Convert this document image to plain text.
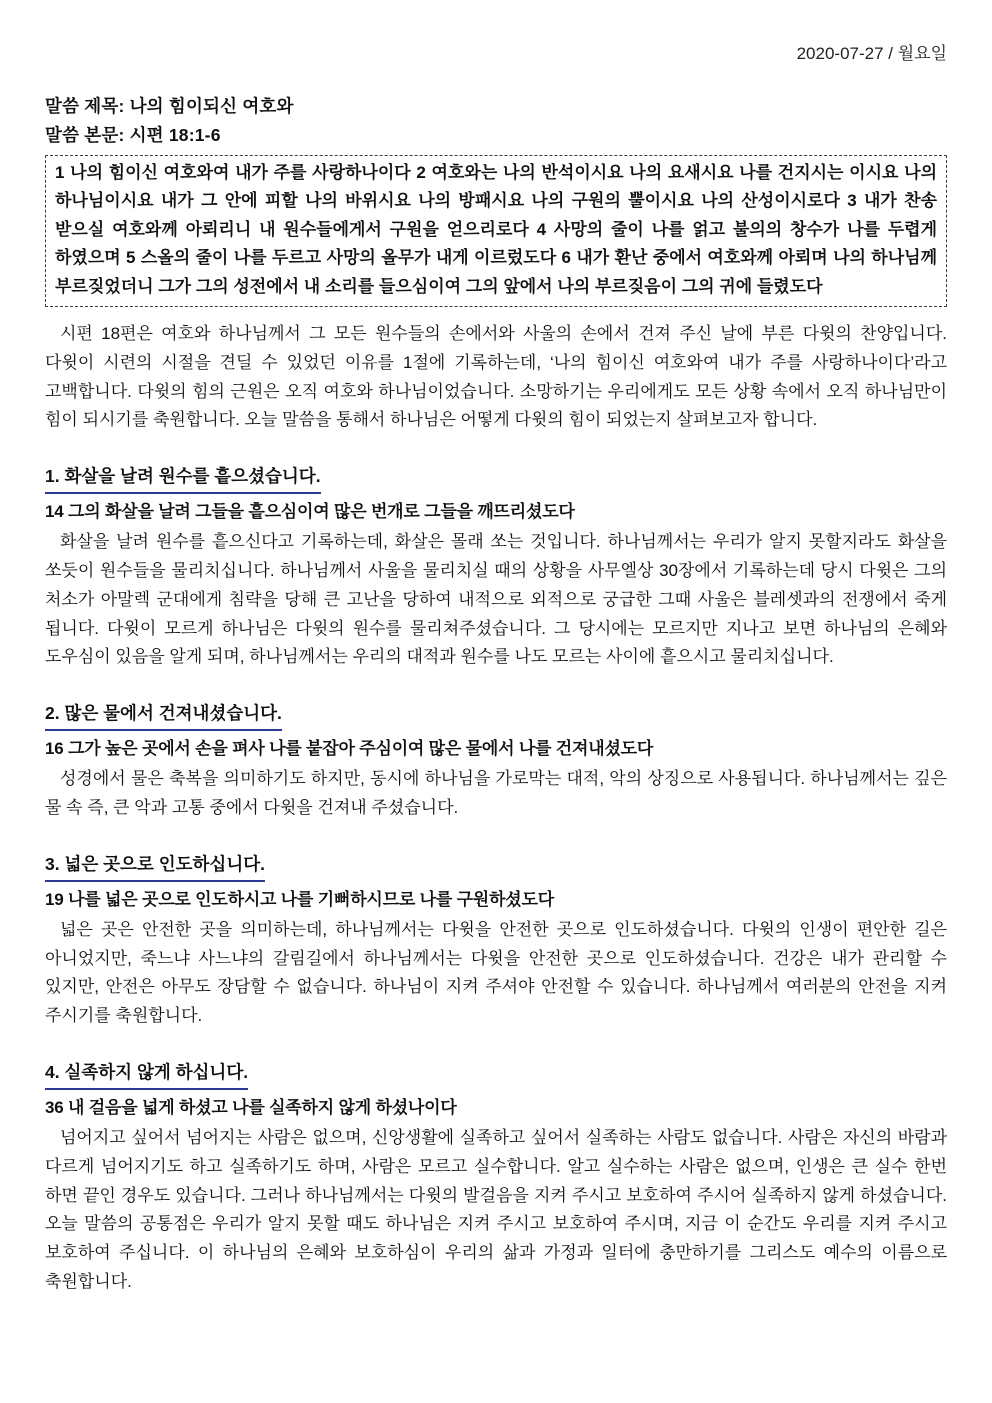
2020-07-27 / 월요일
말씀 제목: 나의 힘이되신 여호와
말씀 본문: 시편 18:1-6
1 나의 힘이신 여호와여 내가 주를 사랑하나이다 2 여호와는 나의 반석이시요 나의 요새시요 나를 건지시는 이시요 나의 하나님이시요 내가 그 안에 피할 나의 바위시요 나의 방패시요 나의 구원의 뿔이시요 나의 산성이시로다 3 내가 찬송 받으실 여호와께 아뢰리니 내 원수들에게서 구원을 얻으리로다 4 사망의 줄이 나를 얽고 불의의 창수가 나를 두렵게 하였으며 5 스올의 줄이 나를 두르고 사망의 올무가 내게 이르렀도다 6 내가 환난 중에서 여호와께 아뢰며 나의 하나님께 부르짖었더니 그가 그의 성전에서 내 소리를 들으심이여 그의 앞에서 나의 부르짖음이 그의 귀에 들렸도다

시편 18편은 여호와 하나님께서 그 모든 원수들의 손에서와 사울의 손에서 건져 주신 날에 부른 다윗의 찬양입니다. 다윗이 시련의 시절을 견딜 수 있었던 이유를 1절에 기록하는데, ‘나의 힘이신 여호와여 내가 주를 사랑하나이다’라고 고백합니다. 다윗의 힘의 근원은 오직 여호와 하나님이었습니다. 소망하기는 우리에게도 모든 상황 속에서 오직 하나님만이 힘이 되시기를 축원합니다. 오늘 말씀을 통해서 하나님은 어떻게 다윗의 힘이 되었는지 살펴보고자 합니다.

1. 화살을 날려 원수를 흩으셨습니다.
14 그의 화살을 날려 그들을 흩으심이여 많은 번개로 그들을 깨뜨리셨도다

화살을 날려 원수를 흩으신다고 기록하는데, 화살은 몰래 쏘는 것입니다. 하나님께서는 우리가 알지 못할지라도 화살을 쏘듯이 원수들을 물리치십니다. 하나님께서 사울을 물리치실 때의 상황을 사무엘상 30장에서 기록하는데 당시 다윗은 그의 처소가 아말렉 군대에게 침략을 당해 큰 고난을 당하여 내적으로 외적으로 궁급한 그때 사울은 블레셋과의 전쟁에서 죽게 됩니다. 다윗이 모르게 하나님은 다윗의 원수를 물리쳐주셨습니다. 그 당시에는 모르지만 지나고 보면 하나님의 은혜와 도우심이 있음을 알게 되며, 하나님께서는 우리의 대적과 원수를 나도 모르는 사이에 흩으시고 물리치십니다.

2. 많은 물에서 건져내셨습니다.
16 그가 높은 곳에서 손을 펴사 나를 붙잡아 주심이여 많은 물에서 나를 건져내셨도다

성경에서 물은 축복을 의미하기도 하지만, 동시에 하나님을 가로막는 대적, 악의 상징으로 사용됩니다. 하나님께서는 깊은 물 속 즉, 큰 악과 고통 중에서 다윗을 건져내 주셨습니다.

3. 넓은 곳으로 인도하십니다.
19 나를 넓은 곳으로 인도하시고 나를 기뻐하시므로 나를 구원하셨도다

넓은 곳은 안전한 곳을 의미하는데, 하나님께서는 다윗을 안전한 곳으로 인도하셨습니다. 다윗의 인생이 편안한 길은 아니었지만, 죽느냐 사느냐의 갈림길에서 하나님께서는 다윗을 안전한 곳으로 인도하셨습니다. 건강은 내가 관리할 수 있지만, 안전은 아무도 장담할 수 없습니다. 하나님이 지켜 주셔야 안전할 수 있습니다. 하나님께서 여러분의 안전을 지켜 주시기를 축원합니다.

4. 실족하지 않게 하십니다.
36 내 걸음을 넓게 하셨고 나를 실족하지 않게 하셨나이다

넘어지고 싶어서 넘어지는 사람은 없으며, 신앙생활에 실족하고 싶어서 실족하는 사람도 없습니다. 사람은 자신의 바람과 다르게 넘어지기도 하고 실족하기도 하며, 사람은 모르고 실수합니다. 알고 실수하는 사람은 없으며, 인생은 큰 실수 한번 하면 끝인 경우도 있습니다. 그러나 하나님께서는 다윗의 발걸음을 지켜 주시고 보호하여 주시어 실족하지 않게 하셨습니다. 오늘 말씀의 공통점은 우리가 알지 못할 때도 하나님은 지켜 주시고 보호하여 주시며, 지금 이 순간도 우리를 지켜 주시고 보호하여 주십니다. 이 하나님의 은혜와 보호하심이 우리의 삶과 가정과 일터에 충만하기를 그리스도 예수의 이름으로 축원합니다.
